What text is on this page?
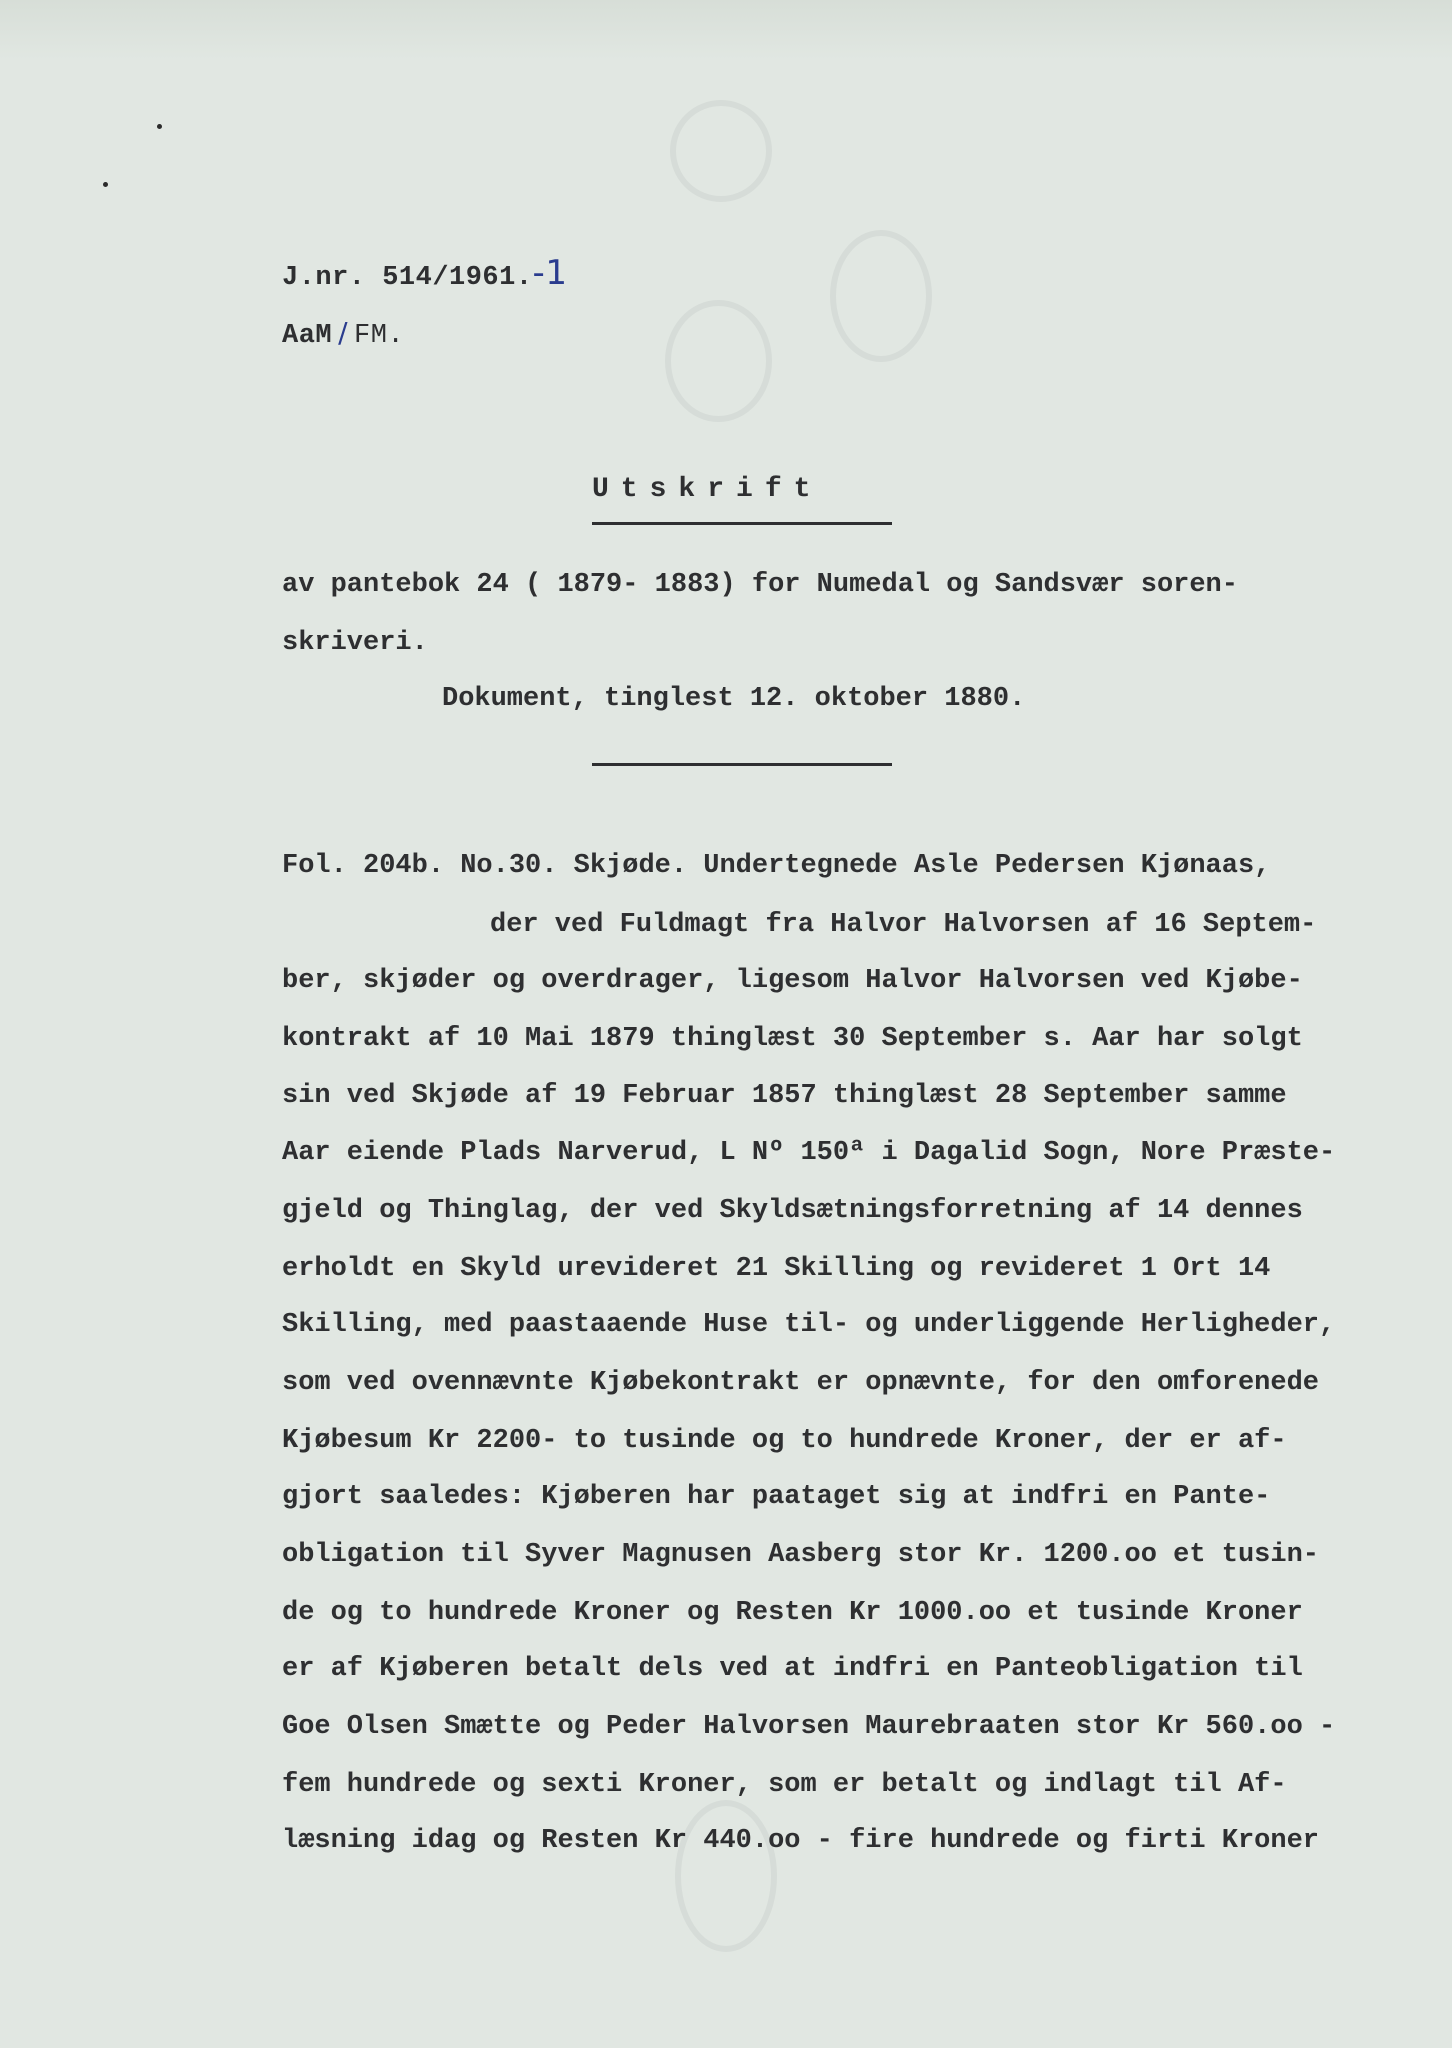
J.nr. 514/1961.-1
AaM / FM.
Utskrift
av pantebok 24 ( 1879- 1883) for Numedal og Sandsvær soren-
skriveri.
Dokument, tinglest 12. oktober 1880.
Fol. 204b. No.30. Skjøde. Undertegnede Asle Pedersen Kjønaas,
der ved Fuldmagt fra Halvor Halvorsen af 16 Septem-
ber, skjøder og overdrager, ligesom Halvor Halvorsen ved Kjøbe-
kontrakt af 10 Mai 1879 thinglæst 30 September s. Aar har solgt
sin ved Skjøde af 19 Februar 1857 thinglæst 28 September samme
Aar eiende Plads Narverud, L Nº 150ª i Dagalid Sogn, Nore Præste-
gjeld og Thinglag, der ved Skyldsætningsforretning af 14 dennes
erholdt en Skyld urevideret 21 Skilling og revideret 1 Ort 14
Skilling, med paastaaende Huse til- og underliggende Herligheder,
som ved ovennævnte Kjøbekontrakt er opnævnte, for den omforenede
Kjøbesum Kr 2200- to tusinde og to hundrede Kroner, der er af-
gjort saaledes: Kjøberen har paataget sig at indfri en Pante-
obligation til Syver Magnusen Aasberg stor Kr. 1200.oo et tusin-
de og to hundrede Kroner og Resten Kr 1000.oo et tusinde Kroner
er af Kjøberen betalt dels ved at indfri en Panteobligation til
Goe Olsen Smætte og Peder Halvorsen Maurebraaten stor Kr 560.oo -
fem hundrede og sexti Kroner, som er betalt og indlagt til Af-
læsning idag og Resten Kr 440.oo - fire hundrede og firti Kroner
